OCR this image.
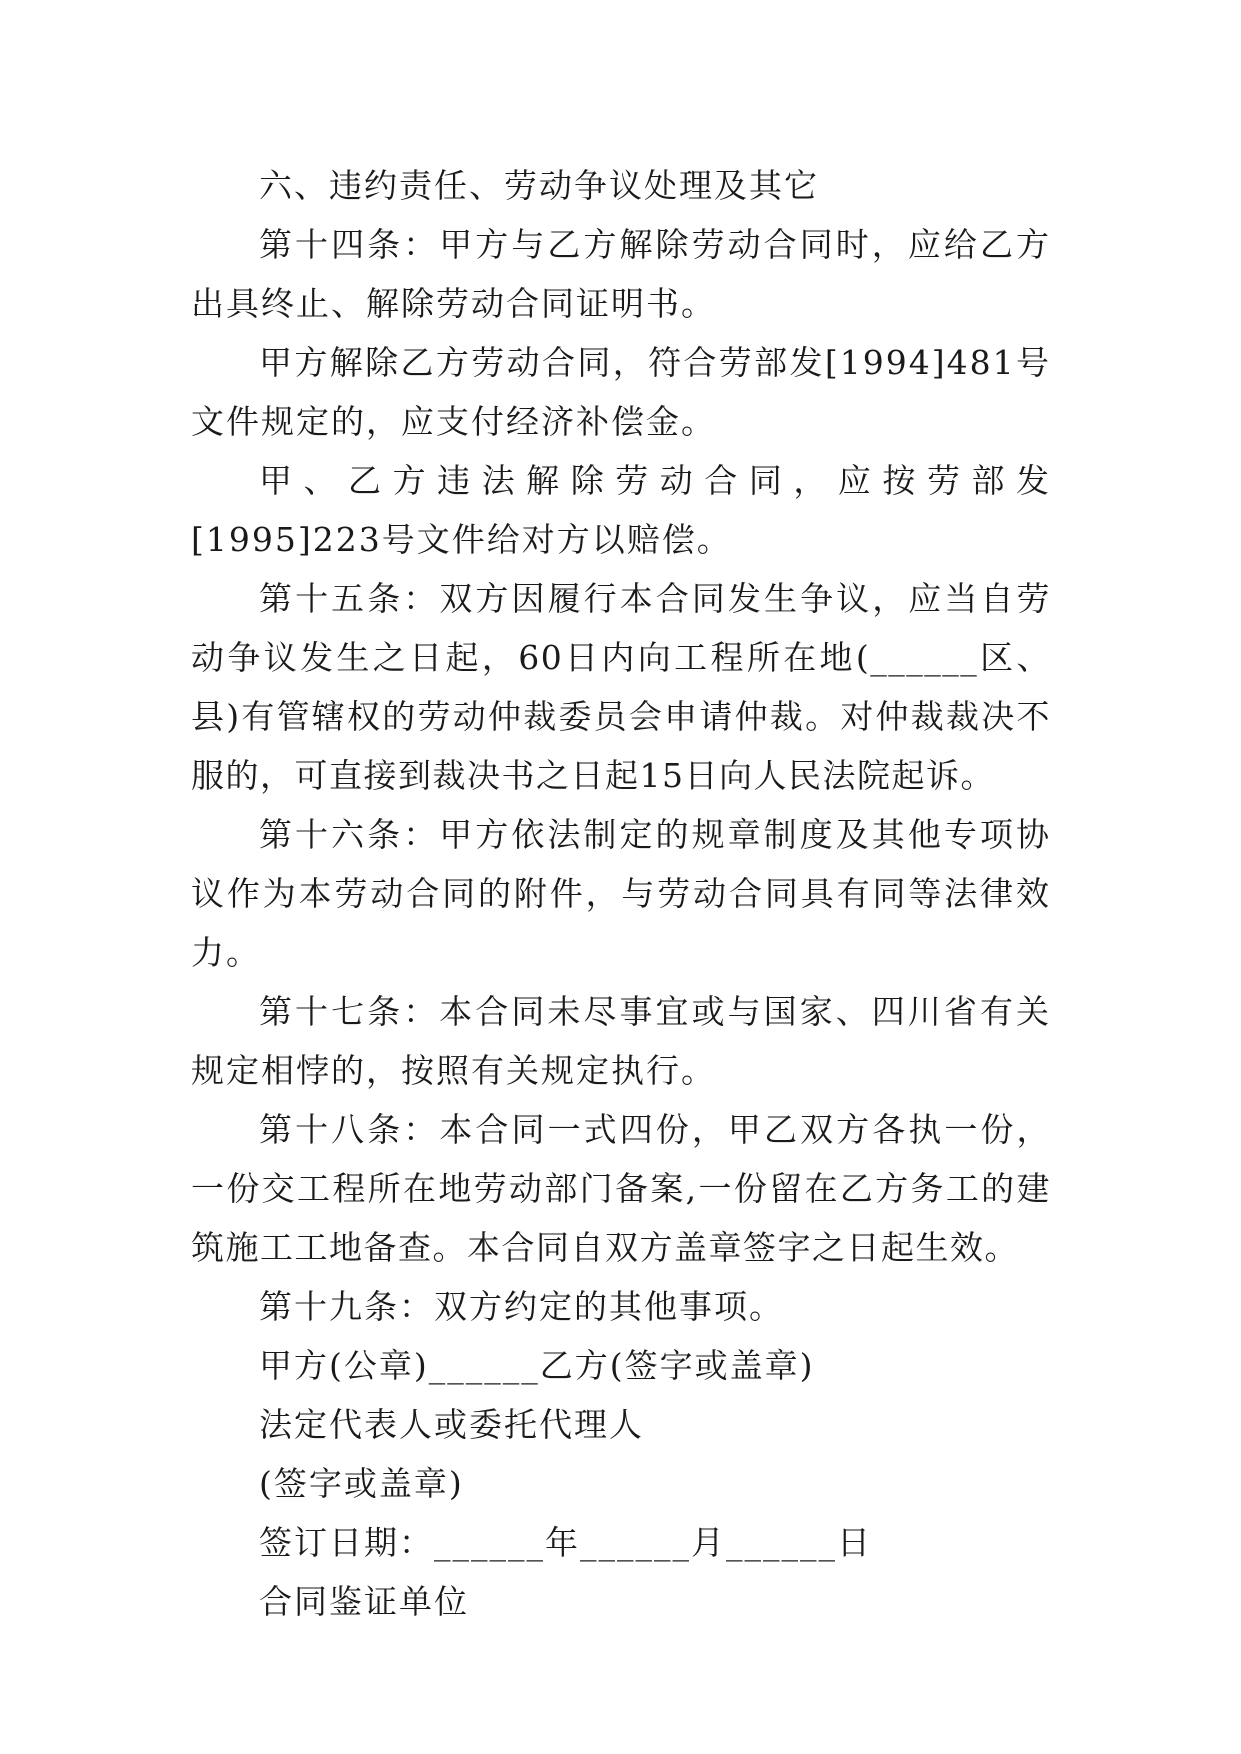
六、违约责任、劳动争议处理及其它

第十四条：甲方与乙方解除劳动合同时，应给乙方出具终止、解除劳动合同证明书。

甲方解除乙方劳动合同，符合劳部发[1994]481号文件规定的，应支付经济补偿金。

甲、乙方违法解除劳动合同，应按劳部发[1995]223号文件给对方以赔偿。

第十五条：双方因履行本合同发生争议，应当自劳动争议发生之日起，60日内向工程所在地(______区、县)有管辖权的劳动仲裁委员会申请仲裁。对仲裁裁决不服的，可直接到裁决书之日起15日向人民法院起诉。

第十六条：甲方依法制定的规章制度及其他专项协议作为本劳动合同的附件，与劳动合同具有同等法律效力。

第十七条：本合同未尽事宜或与国家、四川省有关规定相悖的，按照有关规定执行。

第十八条：本合同一式四份，甲乙双方各执一份，一份交工程所在地劳动部门备案,一份留在乙方务工的建筑施工工地备查。本合同自双方盖章签字之日起生效。

第十九条：双方约定的其他事项。

甲方(公章)______乙方(签字或盖章)

法定代表人或委托代理人

(签字或盖章)

签订日期：______年______月______日

合同鉴证单位
